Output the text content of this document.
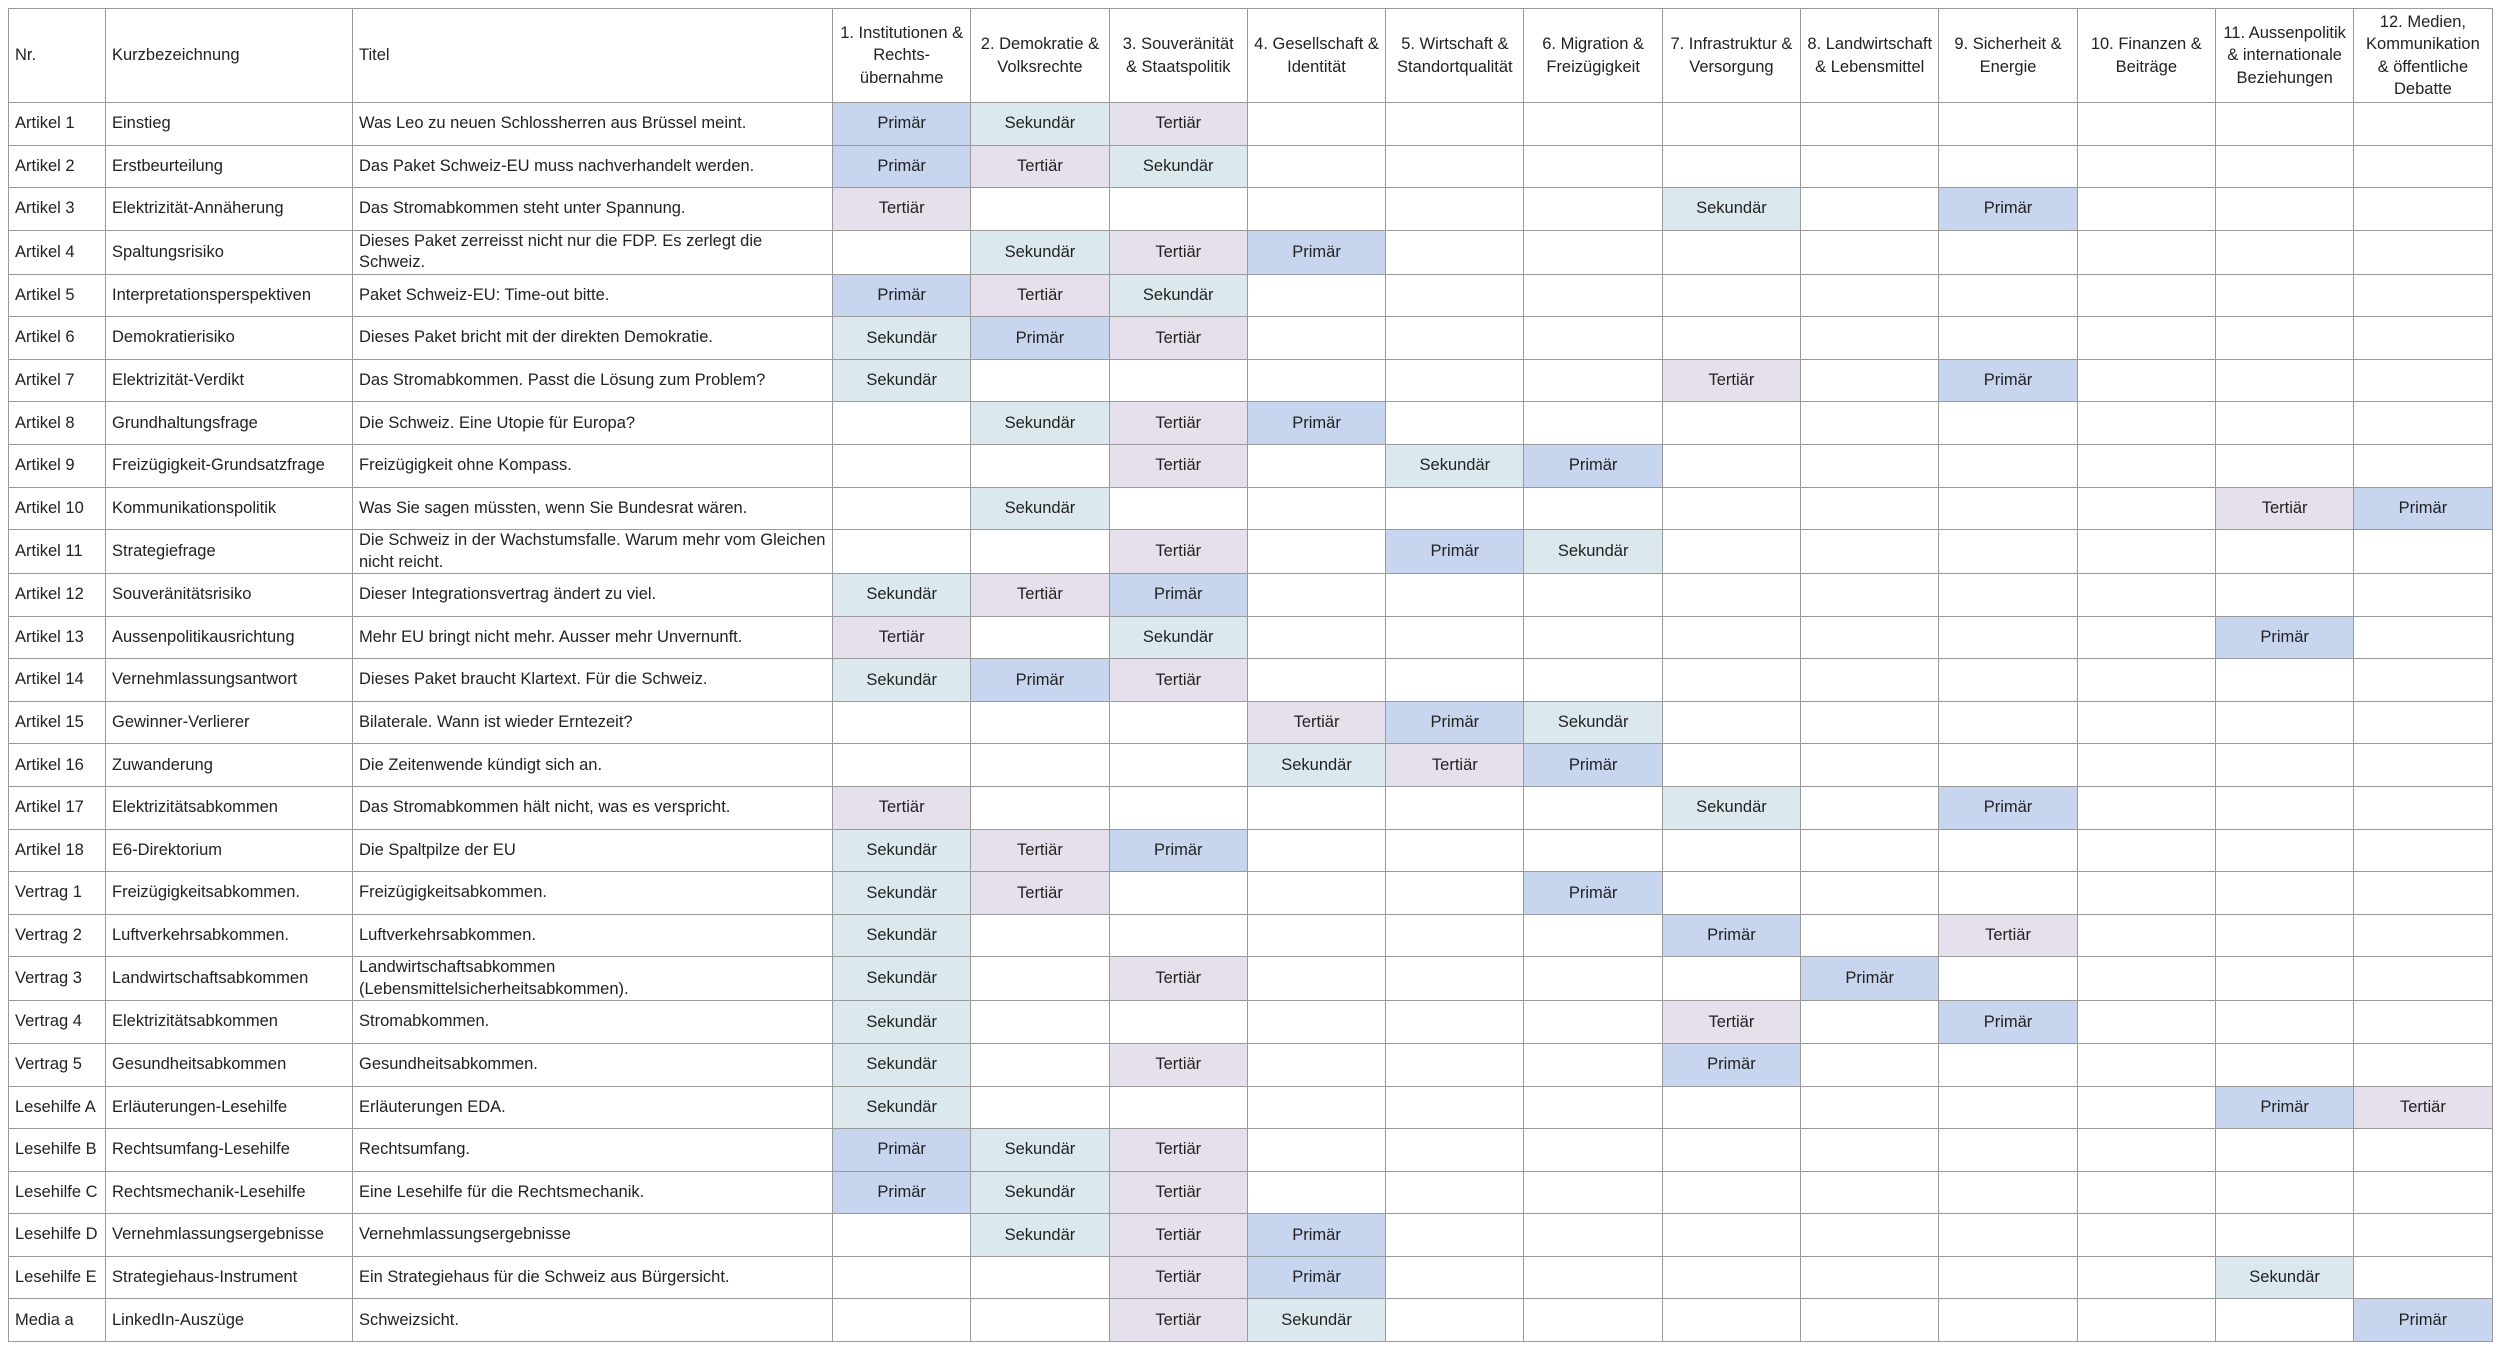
Nr.	Kurzbezeichnung	Titel	1. Institutionen & Rechts-übernahme	2. Demokratie & Volksrechte	3. Souveränität & Staatspolitik	4. Gesellschaft & Identität	5. Wirtschaft & Standortqualität	6. Migration & Freizügigkeit	7. Infrastruktur & Versorgung	8. Landwirtschaft & Lebensmittel	9. Sicherheit & Energie	10. Finanzen & Beiträge	11. Aussenpolitik & internationale Beziehungen	12. Medien, Kommunikation & öffentliche Debatte
Artikel 1	Einstieg	Was Leo zu neuen Schlossherren aus Brüssel meint.	Primär	Sekundär	Tertiär									
Artikel 2	Erstbeurteilung	Das Paket Schweiz-EU muss nachverhandelt werden.	Primär	Tertiär	Sekundär									
Artikel 3	Elektrizität-Annäherung	Das Stromabkommen steht unter Spannung.	Tertiär						Sekundär		Primär			
Artikel 4	Spaltungsrisiko	Dieses Paket zerreisst nicht nur die FDP. Es zerlegt die Schweiz.		Sekundär	Tertiär	Primär								
Artikel 5	Interpretationsperspektiven	Paket Schweiz-EU: Time-out bitte.	Primär	Tertiär	Sekundär									
Artikel 6	Demokratierisiko	Dieses Paket bricht mit der direkten Demokratie.	Sekundär	Primär	Tertiär									
Artikel 7	Elektrizität-Verdikt	Das Stromabkommen. Passt die Lösung zum Problem?	Sekundär						Tertiär		Primär			
Artikel 8	Grundhaltungsfrage	Die Schweiz. Eine Utopie für Europa?		Sekundär	Tertiär	Primär								
Artikel 9	Freizügigkeit-Grundsatzfrage	Freizügigkeit ohne Kompass.			Tertiär		Sekundär	Primär						
Artikel 10	Kommunikationspolitik	Was Sie sagen müssten, wenn Sie Bundesrat wären.		Sekundär									Tertiär	Primär
Artikel 11	Strategiefrage	Die Schweiz in der Wachstumsfalle. Warum mehr vom Gleichen nicht reicht.			Tertiär		Primär	Sekundär						
Artikel 12	Souveränitätsrisiko	Dieser Integrationsvertrag ändert zu viel.	Sekundär	Tertiär	Primär									
Artikel 13	Aussenpolitikausrichtung	Mehr EU bringt nicht mehr. Ausser mehr Unvernunft.	Tertiär		Sekundär								Primär	
Artikel 14	Vernehmlassungsantwort	Dieses Paket braucht Klartext. Für die Schweiz.	Sekundär	Primär	Tertiär									
Artikel 15	Gewinner-Verlierer	Bilaterale. Wann ist wieder Erntezeit?				Tertiär	Primär	Sekundär						
Artikel 16	Zuwanderung	Die Zeitenwende kündigt sich an.				Sekundär	Tertiär	Primär						
Artikel 17	Elektrizitätsabkommen	Das Stromabkommen hält nicht, was es verspricht.	Tertiär						Sekundär		Primär			
Artikel 18	E6-Direktorium	Die Spaltpilze der EU	Sekundär	Tertiär	Primär									
Vertrag 1	Freizügigkeitsabkommen.	Freizügigkeitsabkommen.	Sekundär	Tertiär				Primär						
Vertrag 2	Luftverkehrsabkommen.	Luftverkehrsabkommen.	Sekundär						Primär		Tertiär			
Vertrag 3	Landwirtschaftsabkommen	Landwirtschaftsabkommen (Lebensmittelsicherheitsabkommen).	Sekundär		Tertiär					Primär				
Vertrag 4	Elektrizitätsabkommen	Stromabkommen.	Sekundär						Tertiär		Primär			
Vertrag 5	Gesundheitsabkommen	Gesundheitsabkommen.	Sekundär		Tertiär				Primär					
Lesehilfe A	Erläuterungen-Lesehilfe	Erläuterungen EDA.	Sekundär										Primär	Tertiär
Lesehilfe B	Rechtsumfang-Lesehilfe	Rechtsumfang.	Primär	Sekundär	Tertiär									
Lesehilfe C	Rechtsmechanik-Lesehilfe	Eine Lesehilfe für die Rechtsmechanik.	Primär	Sekundär	Tertiär									
Lesehilfe D	Vernehmlassungsergebnisse	Vernehmlassungsergebnisse		Sekundär	Tertiär	Primär								
Lesehilfe E	Strategiehaus-Instrument	Ein Strategiehaus für die Schweiz aus Bürgersicht.			Tertiär	Primär							Sekundär	
Media a	LinkedIn-Auszüge	Schweizsicht.			Tertiär	Sekundär								Primär
